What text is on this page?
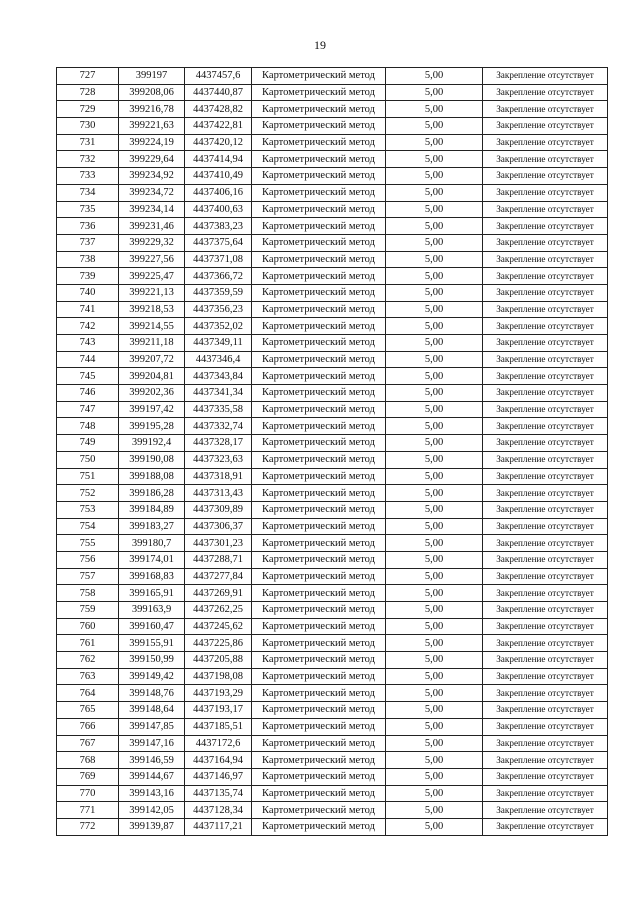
19
727	399197	4437457,6	Картометрический метод	5,00	Закрепление отсутствует
728	399208,06	4437440,87	Картометрический метод	5,00	Закрепление отсутствует
729	399216,78	4437428,82	Картометрический метод	5,00	Закрепление отсутствует
730	399221,63	4437422,81	Картометрический метод	5,00	Закрепление отсутствует
731	399224,19	4437420,12	Картометрический метод	5,00	Закрепление отсутствует
732	399229,64	4437414,94	Картометрический метод	5,00	Закрепление отсутствует
733	399234,92	4437410,49	Картометрический метод	5,00	Закрепление отсутствует
734	399234,72	4437406,16	Картометрический метод	5,00	Закрепление отсутствует
735	399234,14	4437400,63	Картометрический метод	5,00	Закрепление отсутствует
736	399231,46	4437383,23	Картометрический метод	5,00	Закрепление отсутствует
737	399229,32	4437375,64	Картометрический метод	5,00	Закрепление отсутствует
738	399227,56	4437371,08	Картометрический метод	5,00	Закрепление отсутствует
739	399225,47	4437366,72	Картометрический метод	5,00	Закрепление отсутствует
740	399221,13	4437359,59	Картометрический метод	5,00	Закрепление отсутствует
741	399218,53	4437356,23	Картометрический метод	5,00	Закрепление отсутствует
742	399214,55	4437352,02	Картометрический метод	5,00	Закрепление отсутствует
743	399211,18	4437349,11	Картометрический метод	5,00	Закрепление отсутствует
744	399207,72	4437346,4	Картометрический метод	5,00	Закрепление отсутствует
745	399204,81	4437343,84	Картометрический метод	5,00	Закрепление отсутствует
746	399202,36	4437341,34	Картометрический метод	5,00	Закрепление отсутствует
747	399197,42	4437335,58	Картометрический метод	5,00	Закрепление отсутствует
748	399195,28	4437332,74	Картометрический метод	5,00	Закрепление отсутствует
749	399192,4	4437328,17	Картометрический метод	5,00	Закрепление отсутствует
750	399190,08	4437323,63	Картометрический метод	5,00	Закрепление отсутствует
751	399188,08	4437318,91	Картометрический метод	5,00	Закрепление отсутствует
752	399186,28	4437313,43	Картометрический метод	5,00	Закрепление отсутствует
753	399184,89	4437309,89	Картометрический метод	5,00	Закрепление отсутствует
754	399183,27	4437306,37	Картометрический метод	5,00	Закрепление отсутствует
755	399180,7	4437301,23	Картометрический метод	5,00	Закрепление отсутствует
756	399174,01	4437288,71	Картометрический метод	5,00	Закрепление отсутствует
757	399168,83	4437277,84	Картометрический метод	5,00	Закрепление отсутствует
758	399165,91	4437269,91	Картометрический метод	5,00	Закрепление отсутствует
759	399163,9	4437262,25	Картометрический метод	5,00	Закрепление отсутствует
760	399160,47	4437245,62	Картометрический метод	5,00	Закрепление отсутствует
761	399155,91	4437225,86	Картометрический метод	5,00	Закрепление отсутствует
762	399150,99	4437205,88	Картометрический метод	5,00	Закрепление отсутствует
763	399149,42	4437198,08	Картометрический метод	5,00	Закрепление отсутствует
764	399148,76	4437193,29	Картометрический метод	5,00	Закрепление отсутствует
765	399148,64	4437193,17	Картометрический метод	5,00	Закрепление отсутствует
766	399147,85	4437185,51	Картометрический метод	5,00	Закрепление отсутствует
767	399147,16	4437172,6	Картометрический метод	5,00	Закрепление отсутствует
768	399146,59	4437164,94	Картометрический метод	5,00	Закрепление отсутствует
769	399144,67	4437146,97	Картометрический метод	5,00	Закрепление отсутствует
770	399143,16	4437135,74	Картометрический метод	5,00	Закрепление отсутствует
771	399142,05	4437128,34	Картометрический метод	5,00	Закрепление отсутствует
772	399139,87	4437117,21	Картометрический метод	5,00	Закрепление отсутствует
